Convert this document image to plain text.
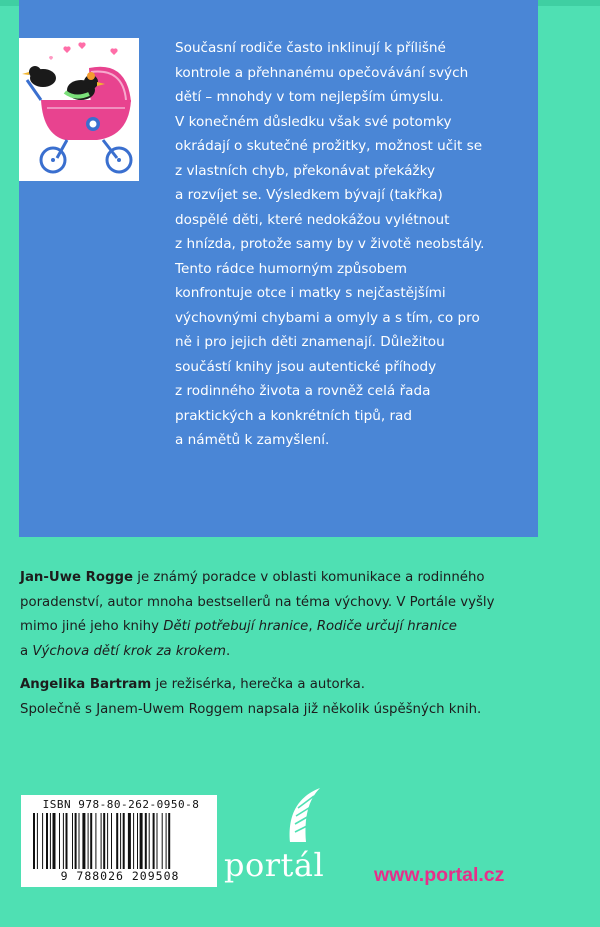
Současní rodiče často inklinují k přílišné

kontrole a přehnanému opečovávání svých

dětí – mnohdy v tom nejlepším úmyslu.

V konečném důsledku však své potomky

okrádají o skutečné prožitky, možnost učit se

z vlastních chyb, překonávat překážky

a rozvíjet se. Výsledkem bývají (takřka)

dospělé děti, které nedokážou vylétnout

z hnízda, protože samy by v životě neobstály.

Tento rádce humorným způsobem

konfrontuje otce i matky s nejčastějšími

výchovnými chybami a omyly a s tím, co pro

ně i pro jejich děti znamenají. Důležitou

součástí knihy jsou autentické příhody

z rodinného života a rovněž celá řada

praktických a konkrétních tipů, rad

a námětů k zamyšlení.

Jan-Uwe Rogge je známý poradce v oblasti komunikace a rodinného
poradenství, autor mnoha bestsellerů na téma výchovy. V Portále vyšly
mimo jiné jeho knihy Děti potřebují hranice, Rodiče určují hranice
a Výchova dětí krok za krokem.

Angelika Bartram je režisérka, herečka a autorka.
Společně s Janem-Uwem Roggem napsala již několik úspěšných knih.

ISBN 978-80-262-0950-8
9 788026 209508	portál	www.portal.cz
